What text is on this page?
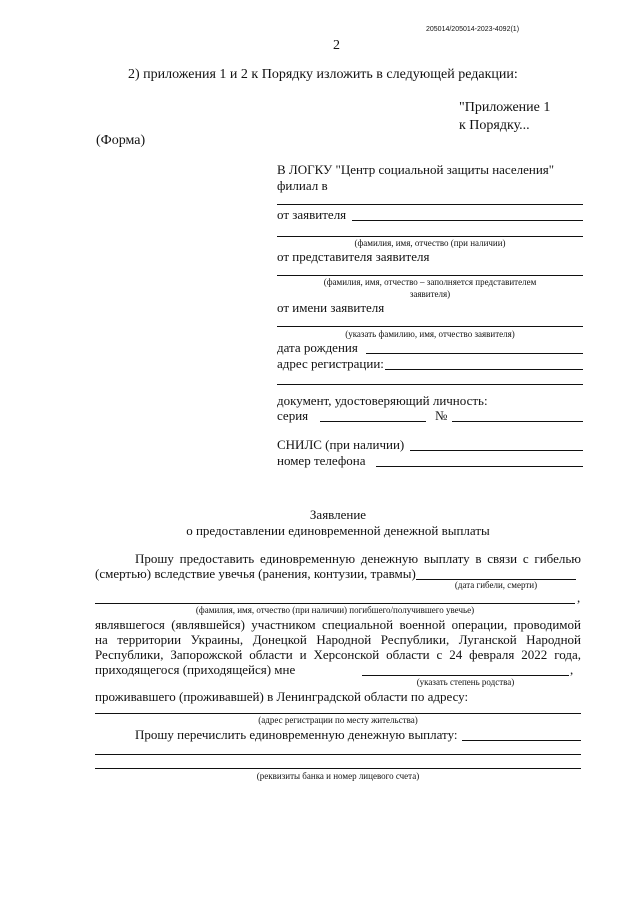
205014/205014-2023-4092(1)
2
2) приложения 1 и 2 к Порядку изложить в следующей редакции:
"Приложение 1
к Порядку...
(Форма)
В ЛОГКУ "Центр социальной защиты населения"
филиал в
от заявителя
(фамилия, имя, отчество (при наличии)
от представителя заявителя
(фамилия, имя, отчество – заполняется представителем
заявителя)
от имени заявителя
(указать фамилию, имя, отчество заявителя)
дата рождения
адрес регистрации:
документ, удостоверяющий личность:
серия	№
СНИЛС (при наличии)
номер телефона
Заявление
о предоставлении единовременной денежной выплаты
Прошу предоставить единовременную денежную выплату в связи с гибелью
(смертью) вследствие увечья (ранения, контузии, травмы)
(дата гибели, смерти)
,
(фамилия, имя, отчество (при наличии) погибшего/получившего увечье)
являвшегося (являвшейся) участником специальной военной операции, проводимой
на территории Украины, Донецкой Народной Республики, Луганской Народной
Республики, Запорожской области и Херсонской области с 24 февраля 2022 года,
приходящегося (приходящейся) мне	,
(указать степень родства)
проживавшего (проживавшей) в Ленинградской области по адресу:
(адрес регистрации по месту жительства)
Прошу перечислить единовременную денежную выплату:
(реквизиты банка и номер лицевого счета)
